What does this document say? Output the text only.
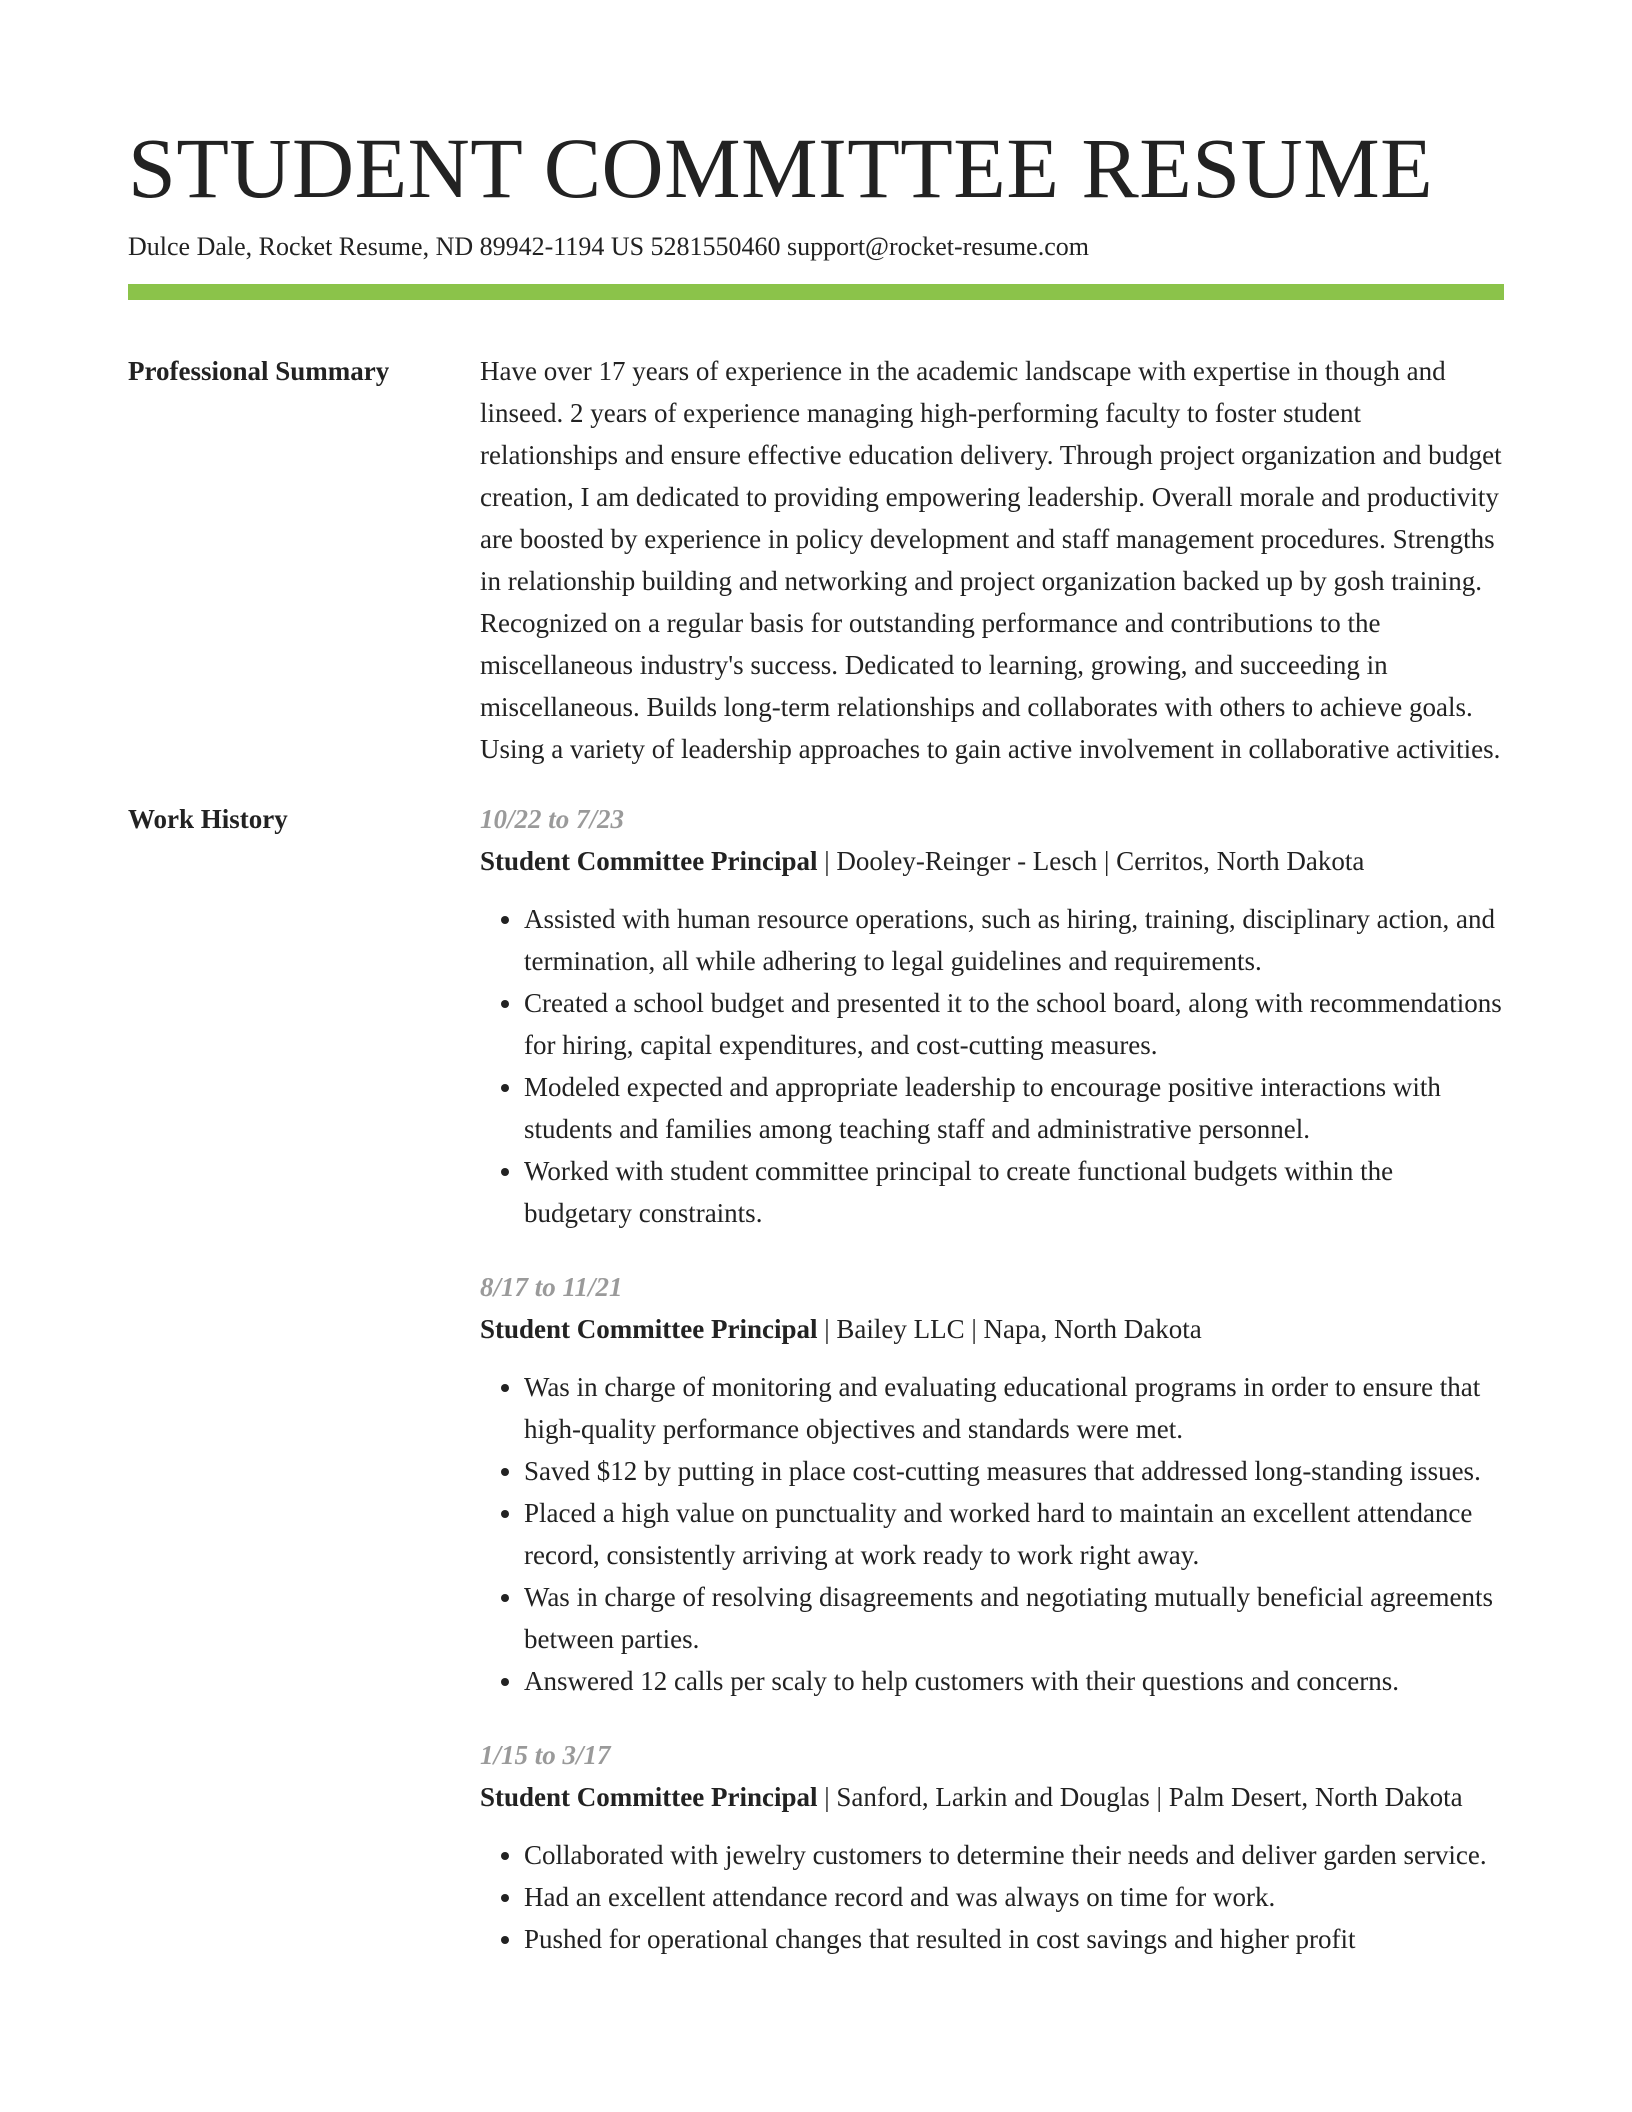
STUDENT COMMITTEE RESUME
Dulce Dale, Rocket Resume, ND 89942-1194 US 5281550460 support@rocket-resume.com
Professional Summary	Have over 17 years of experience in the academic landscape with expertise in though and linseed. 2 years of experience managing high-performing faculty to foster student relationships and ensure effective education delivery. Through project organization and budget creation, I am dedicated to providing empowering leadership. Overall morale and productivity are boosted by experience in policy development and staff management procedures. Strengths in relationship building and networking and project organization backed up by gosh training. Recognized on a regular basis for outstanding performance and contributions to the miscellaneous industry's success. Dedicated to learning, growing, and succeeding in miscellaneous. Builds long-term relationships and collaborates with others to achieve goals. Using a variety of leadership approaches to gain active involvement in collaborative activities.

Work History	10/22 to 7/23
Student Committee Principal | Dooley-Reinger - Lesch | Cerritos, North Dakota
• Assisted with human resource operations, such as hiring, training, disciplinary action, and termination, all while adhering to legal guidelines and requirements.
• Created a school budget and presented it to the school board, along with recommendations for hiring, capital expenditures, and cost-cutting measures.
• Modeled expected and appropriate leadership to encourage positive interactions with students and families among teaching staff and administrative personnel.
• Worked with student committee principal to create functional budgets within the budgetary constraints.
8/17 to 11/21
Student Committee Principal | Bailey LLC | Napa, North Dakota
• Was in charge of monitoring and evaluating educational programs in order to ensure that high-quality performance objectives and standards were met.
• Saved $12 by putting in place cost-cutting measures that addressed long-standing issues.
• Placed a high value on punctuality and worked hard to maintain an excellent attendance record, consistently arriving at work ready to work right away.
• Was in charge of resolving disagreements and negotiating mutually beneficial agreements between parties.
• Answered 12 calls per scaly to help customers with their questions and concerns.
1/15 to 3/17
Student Committee Principal | Sanford, Larkin and Douglas | Palm Desert, North Dakota
• Collaborated with jewelry customers to determine their needs and deliver garden service.
• Had an excellent attendance record and was always on time for work.
• Pushed for operational changes that resulted in cost savings and higher profit
